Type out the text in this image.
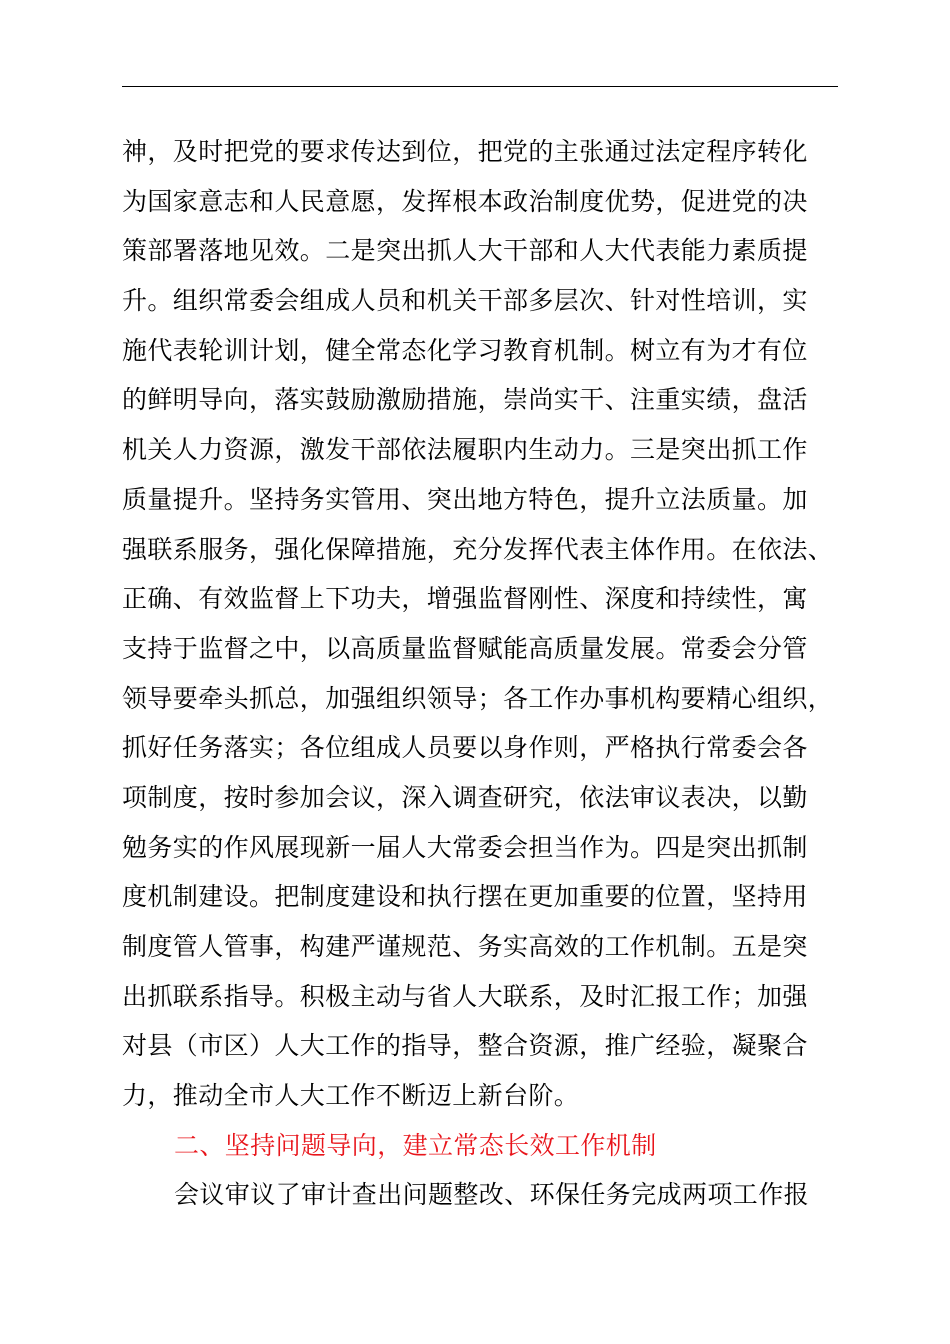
神，及时把党的要求传达到位，把党的主张通过法定程序转化
为国家意志和人民意愿，发挥根本政治制度优势，促进党的决
策部署落地见效。二是突出抓人大干部和人大代表能力素质提
升。组织常委会组成人员和机关干部多层次、针对性培训，实
施代表轮训计划，健全常态化学习教育机制。树立有为才有位
的鲜明导向，落实鼓励激励措施，崇尚实干、注重实绩，盘活
机关人力资源，激发干部依法履职内生动力。三是突出抓工作
质量提升。坚持务实管用、突出地方特色，提升立法质量。加
强联系服务，强化保障措施，充分发挥代表主体作用。在依法、
正确、有效监督上下功夫，增强监督刚性、深度和持续性，寓
支持于监督之中，以高质量监督赋能高质量发展。常委会分管
领导要牵头抓总，加强组织领导；各工作办事机构要精心组织，
抓好任务落实；各位组成人员要以身作则，严格执行常委会各
项制度，按时参加会议，深入调查研究，依法审议表决，以勤
勉务实的作风展现新一届人大常委会担当作为。四是突出抓制
度机制建设。把制度建设和执行摆在更加重要的位置，坚持用
制度管人管事，构建严谨规范、务实高效的工作机制。五是突
出抓联系指导。积极主动与省人大联系，及时汇报工作；加强
对县（市区）人大工作的指导，整合资源，推广经验，凝聚合
力，推动全市人大工作不断迈上新台阶。
二、坚持问题导向，建立常态长效工作机制
会议审议了审计查出问题整改、环保任务完成两项工作报
